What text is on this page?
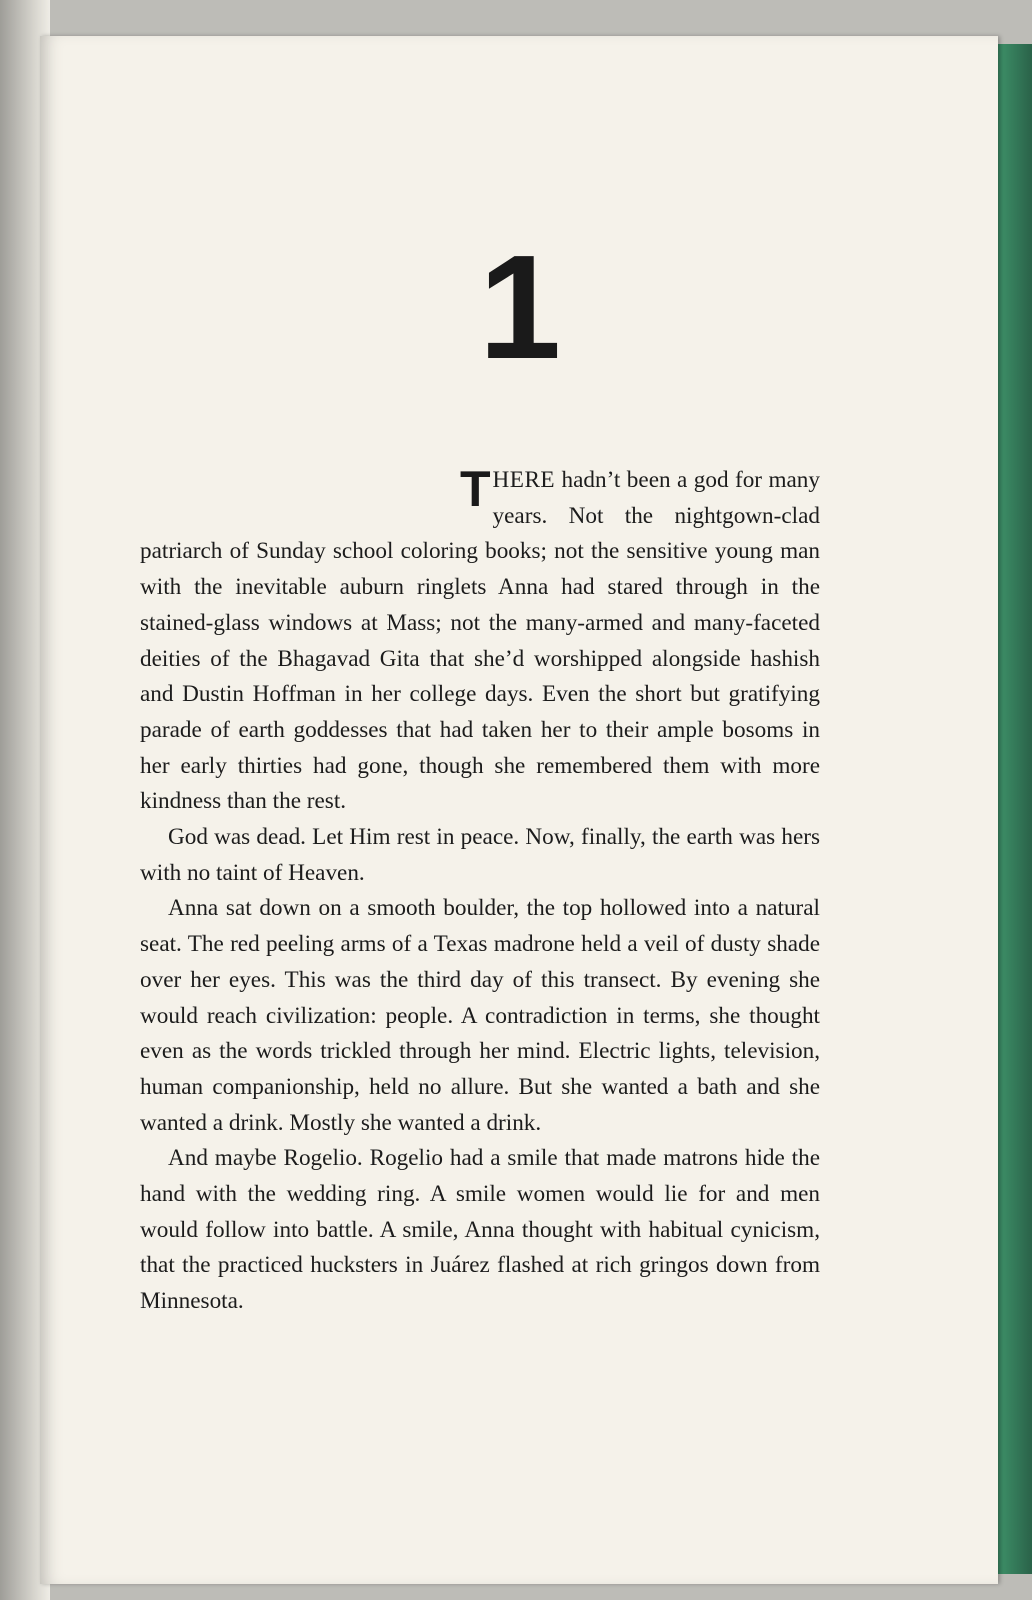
1

THERE hadn’t been a god for many years. Not the nightgown-clad patriarch of Sunday school coloring books; not the sensitive young man with the inevitable auburn ringlets Anna had stared through in the stained-glass windows at Mass; not the many-armed and many-faceted deities of the Bhagavad Gita that she’d worshipped alongside hashish and Dustin Hoffman in her college days. Even the short but gratifying parade of earth goddesses that had taken her to their ample bosoms in her early thirties had gone, though she remembered them with more kindness than the rest.

God was dead. Let Him rest in peace. Now, finally, the earth was hers with no taint of Heaven.

Anna sat down on a smooth boulder, the top hollowed into a natural seat. The red peeling arms of a Texas madrone held a veil of dusty shade over her eyes. This was the third day of this transect. By evening she would reach civilization: people. A contradiction in terms, she thought even as the words trickled through her mind. Electric lights, television, human companionship, held no allure. But she wanted a bath and she wanted a drink. Mostly she wanted a drink.

And maybe Rogelio. Rogelio had a smile that made matrons hide the hand with the wedding ring. A smile women would lie for and men would follow into battle. A smile, Anna thought with habitual cynicism, that the practiced hucksters in Juárez flashed at rich gringos down from Minnesota.
